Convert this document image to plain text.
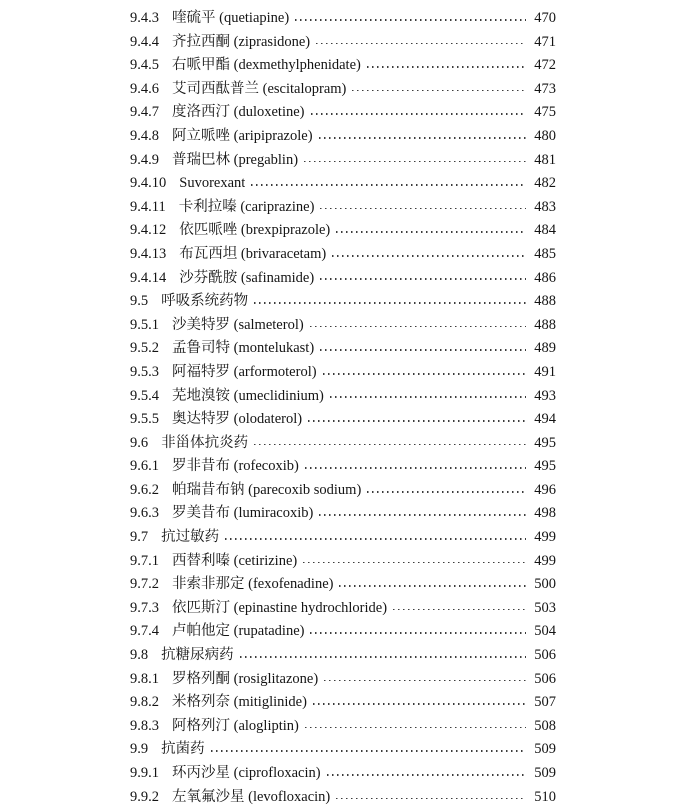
9.4.3 喹硫平 (quetiapine)	470
9.4.4 齐拉西酮 (ziprasidone)	471
9.4.5 右哌甲酯 (dexmethylphenidate)	472
9.4.6 艾司西酞普兰 (escitalopram)	473
9.4.7 度洛西汀 (duloxetine)	475
9.4.8 阿立哌唑 (aripiprazole)	480
9.4.9 普瑞巴林 (pregablin)	481
9.4.10 Suvorexant	482
9.4.11 卡利拉嗪 (cariprazine)	483
9.4.12 依匹哌唑 (brexpiprazole)	484
9.4.13 布瓦西坦 (brivaracetam)	485
9.4.14 沙芬酰胺 (safinamide)	486
9.5 呼吸系统药物	488
9.5.1 沙美特罗 (salmeterol)	488
9.5.2 孟鲁司特 (montelukast)	489
9.5.3 阿福特罗 (arformoterol)	491
9.5.4 芜地溴铵 (umeclidinium)	493
9.5.5 奥达特罗 (olodaterol)	494
9.6 非甾体抗炎药	495
9.6.1 罗非昔布 (rofecoxib)	495
9.6.2 帕瑞昔布钠 (parecoxib sodium)	496
9.6.3 罗美昔布 (lumiracoxib)	498
9.7 抗过敏药	499
9.7.1 西替利嗪 (cetirizine)	499
9.7.2 非索非那定 (fexofenadine)	500
9.7.3 依匹斯汀 (epinastine hydrochloride)	503
9.7.4 卢帕他定 (rupatadine)	504
9.8 抗糖尿病药	506
9.8.1 罗格列酮 (rosiglitazone)	506
9.8.2 米格列奈 (mitiglinide)	507
9.8.3 阿格列汀 (alogliptin)	508
9.9 抗菌药	509
9.9.1 环丙沙星 (ciprofloxacin)	509
9.9.2 左氧氟沙星 (levofloxacin)	510
